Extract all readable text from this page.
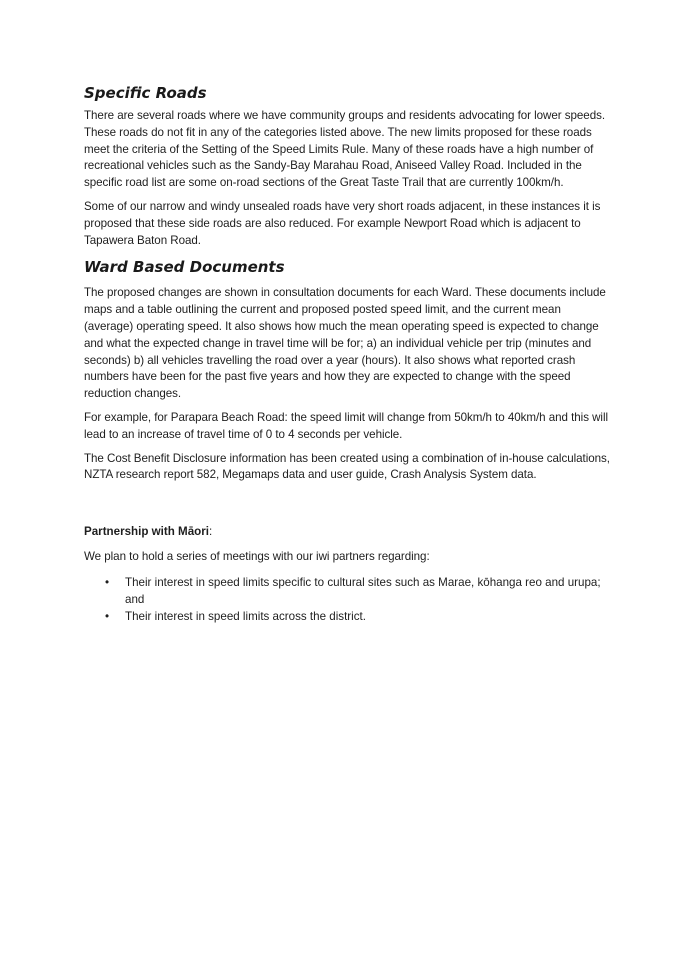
Specific Roads

There are several roads where we have community groups and residents advocating for lower speeds. These roads do not fit in any of the categories listed above. The new limits proposed for these roads meet the criteria of the Setting of the Speed Limits Rule. Many of these roads have a high number of recreational vehicles such as the Sandy-Bay Marahau Road, Aniseed Valley Road. Included in the specific road list are some on-road sections of the Great Taste Trail that are currently 100km/h.

Some of our narrow and windy unsealed roads have very short roads adjacent, in these instances it is proposed that these side roads are also reduced. For example Newport Road which is adjacent to Tapawera Baton Road.

Ward Based Documents

The proposed changes are shown in consultation documents for each Ward. These documents include maps and a table outlining the current and proposed posted speed limit, and the current mean (average) operating speed. It also shows how much the mean operating speed is expected to change and what the expected change in travel time will be for; a) an individual vehicle per trip (minutes and seconds) b) all vehicles travelling the road over a year (hours). It also shows what reported crash numbers have been for the past five years and how they are expected to change with the speed reduction changes.

For example, for Parapara Beach Road: the speed limit will change from 50km/h to 40km/h and this will lead to an increase of travel time of 0 to 4 seconds per vehicle.

The Cost Benefit Disclosure information has been created using a combination of in-house calculations, NZTA research report 582, Megamaps data and user guide, Crash Analysis System data.

Partnership with Māori:

We plan to hold a series of meetings with our iwi partners regarding:

• Their interest in speed limits specific to cultural sites such as Marae, kōhanga reo and urupa; and
• Their interest in speed limits across the district.
